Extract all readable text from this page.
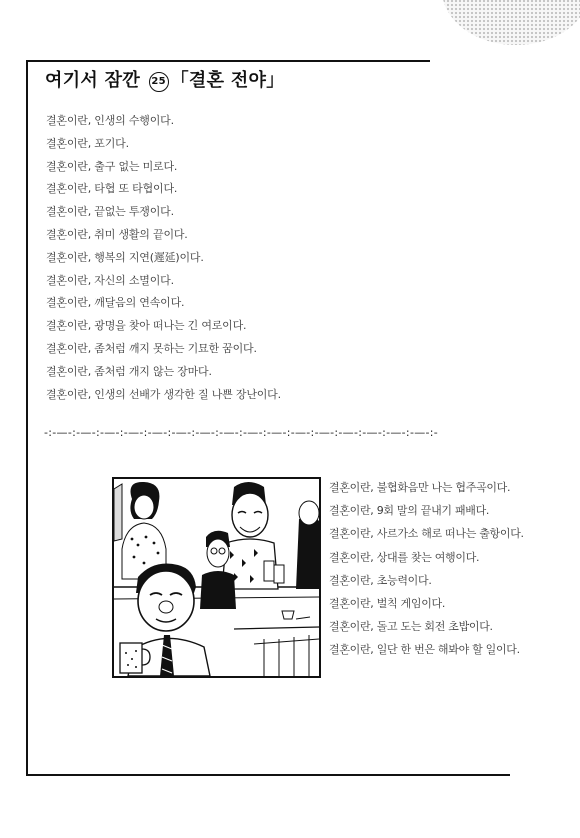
여기서 잠깐 25 「결혼 전야」
결혼이란, 인생의 수행이다.
결혼이란, 포기다.
결혼이란, 출구 없는 미로다.
결혼이란, 타협 또 타협이다.
결혼이란, 끝없는 투쟁이다.
결혼이란, 취미 생활의 끝이다.
결혼이란, 행복의 지연(遲延)이다.
결혼이란, 자신의 소멸이다.
결혼이란, 깨달음의 연속이다.
결혼이란, 광명을 찾아 떠나는 긴 여로이다.
결혼이란, 좀처럼 깨지 못하는 기묘한 꿈이다.
결혼이란, 좀처럼 개지 않는 장마다.
결혼이란, 인생의 선배가 생각한 질 나쁜 장난이다.
-:-—-:-—-:-—-:-—-:-—-:-—-:-—-:-—-:-—-:-—-:-—-:-—-:-—-:-—-:-—-:-—-:-
결혼이란, 불협화음만 나는 협주곡이다.
결혼이란, 9회 말의 끝내기 패배다.
결혼이란, 사르가소 해로 떠나는 출항이다.
결혼이란, 상대를 찾는 여행이다.
결혼이란, 초능력이다.
결혼이란, 벌칙 게임이다.
결혼이란, 돌고 도는 회전 초밥이다.
결혼이란, 일단 한 번은 해봐야 할 일이다.
